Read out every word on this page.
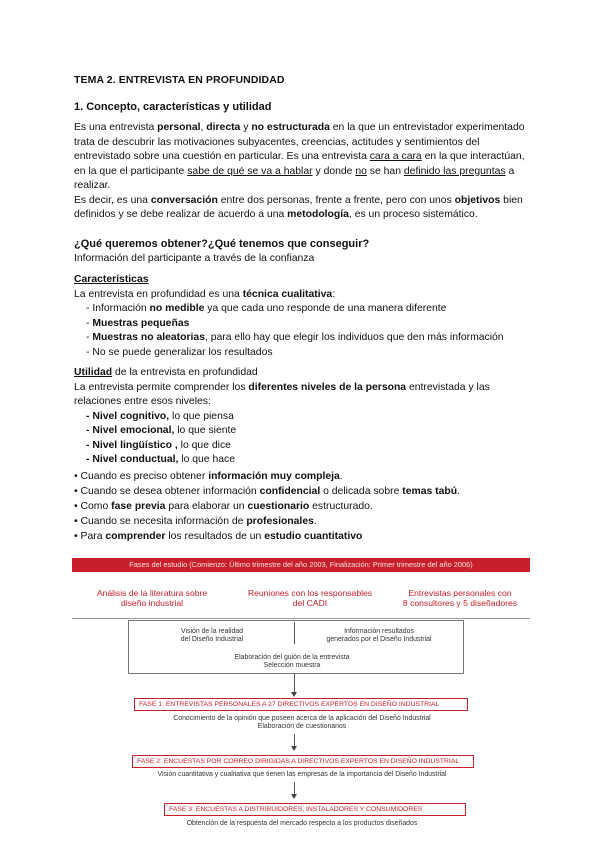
TEMA 2. ENTREVISTA EN PROFUNDIDAD
1. Concepto, características y utilidad
Es una entrevista personal, directa y no estructurada en la que un entrevistador experimentado
trata de descubrir las motivaciones subyacentes, creencias, actitudes y sentimientos del
entrevistado sobre una cuestión en particular. Es una entrevista cara a cara en la que interactúan,
en la que el participante sabe de qué se va a hablar y donde no se han definido las preguntas a
realizar.
Es decir, es una conversación entre dos personas, frente a frente, pero con unos objetivos bien
definidos y se debe realizar de acuerdo a una metodología, es un proceso sistemático.
¿Qué queremos obtener?¿Qué tenemos que conseguir?
Información del participante a través de la confianza
Características
La entrevista en profundidad es una técnica cualitativa:
- Información no medible ya que cada uno responde de una manera diferente
- Muestras pequeñas
- Muestras no aleatorias, para ello hay que elegir los individuos que den más información
- No se puede generalizar los resultados
Utilidad de la entrevista en profundidad
La entrevista permite comprender los diferentes niveles de la persona entrevistada y las
relaciones entre esos niveles:
- Nivel cognitivo, lo que piensa
- Nivel emocional, lo que siente
- Nivel lingüístico , lo que dice
- Nivel conductual, lo que hace
• Cuando es preciso obtener información muy compleja.
• Cuando se desea obtener información confidencial o delicada sobre temas tabú.
• Como fase previa para elaborar un cuestionario estructurado.
• Cuando se necesita información de profesionales.
• Para comprender los resultados de un estudio cuantitativo
Fases del estudio (Comienzo: Último trimestre del año 2003, Finalización: Primer trimestre del año 2006)
Análisis de la literatura sobre
diseño industrial
Reuniones con los responsables
del CADI
Entrevistas personales con
8 consultores y 5 diseñadores
Visión de la realidad
del Diseño Industrial
Información resultados
generados por el Diseño Industrial
Elaboración del guión de la entrevista
Selección muestra
FASE 1: ENTREVISTAS PERSONALES A 27 DIRECTIVOS EXPERTOS EN DISEÑO INDUSTRIAL
Conocimiento de la opinión que poseen acerca de la aplicación del Diseño Industrial
Elaboración de cuestionarios
FASE 2: ENCUESTAS POR CORREO DIRIGIDAS A DIRECTIVOS EXPERTOS EN DISEÑO INDUSTRIAL
Visión cuantitativa y cualitativa que tienen las empresas de la importancia del Diseño Industrial
FASE 3: ENCUESTAS A DISTRIBUIDORES, INSTALADORES Y CONSUMIDORES
Obtención de la respuesta del mercado respecto a los productos diseñados
